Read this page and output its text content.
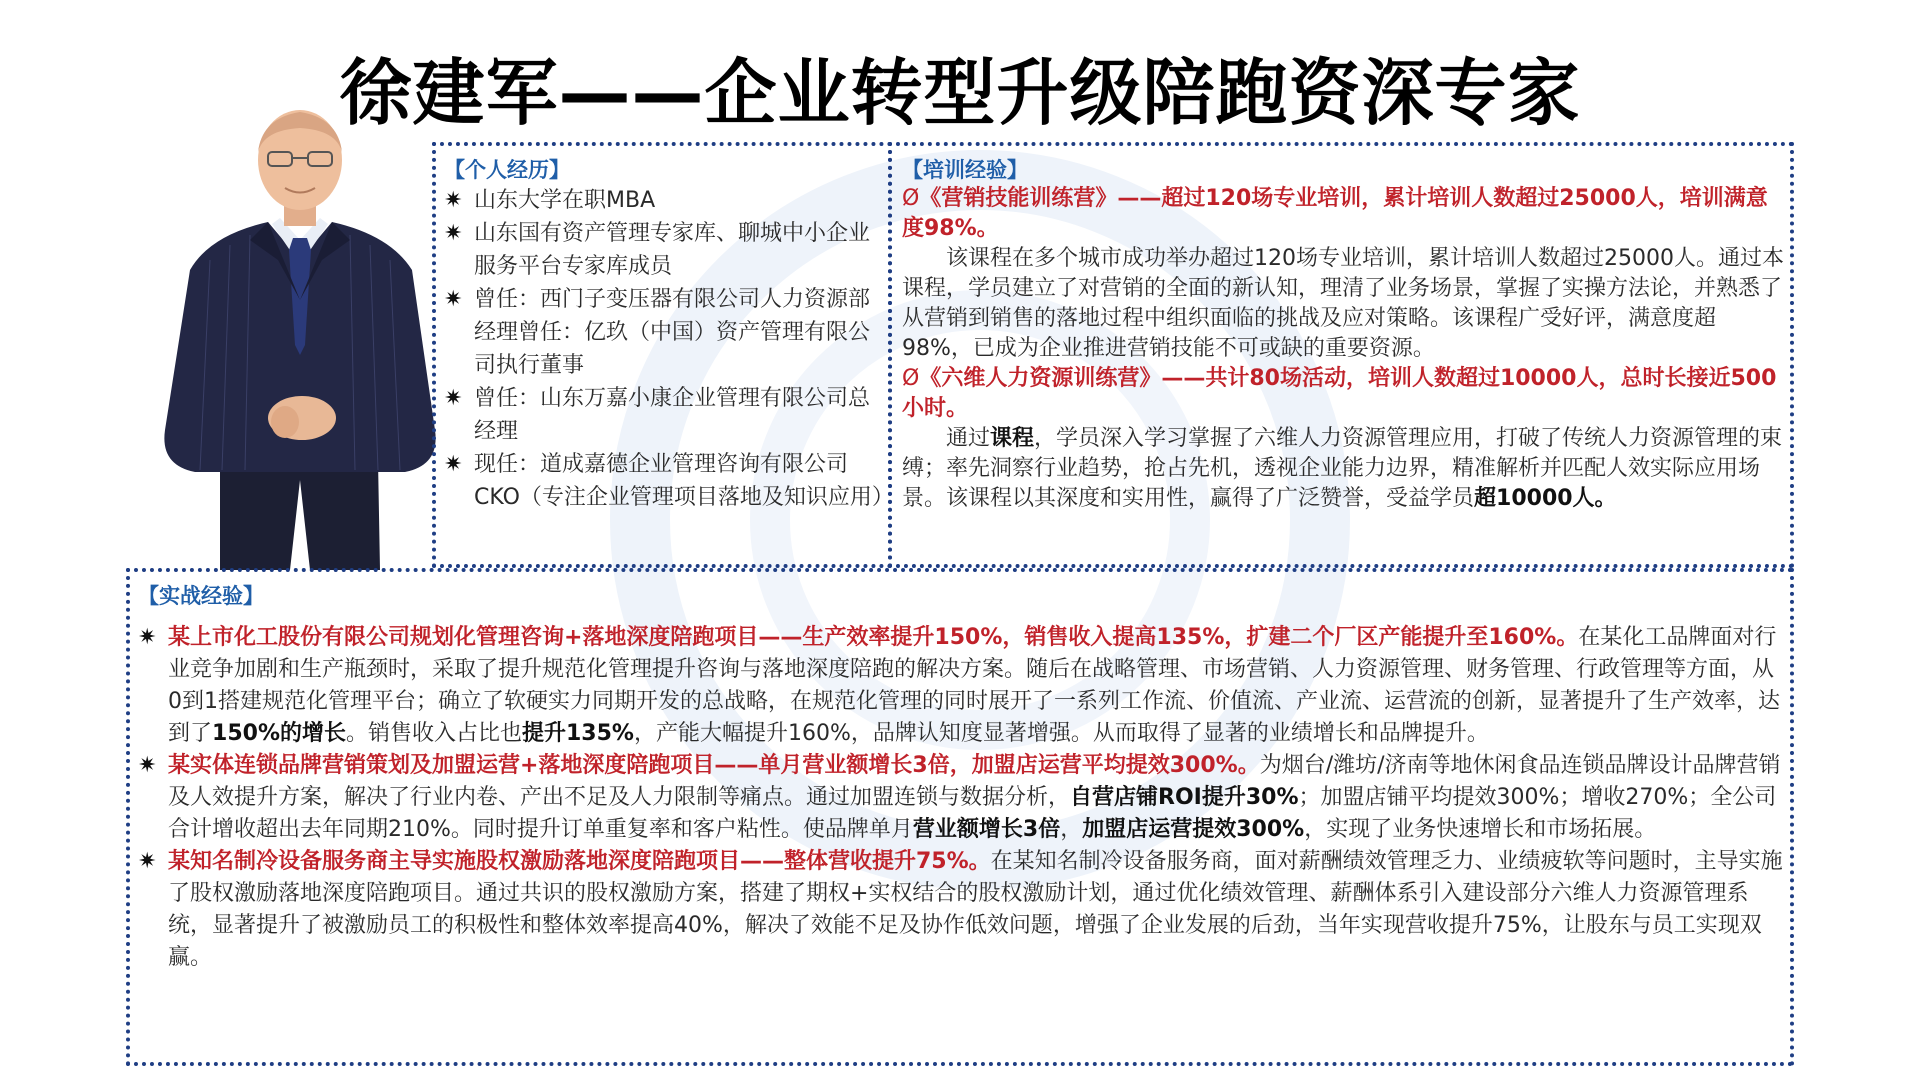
徐建军——企业转型升级陪跑资深专家
【个人经历】
✷ 山东大学在职MBA
✷ 山东国有资产管理专家库、聊城中小企业服务平台专家库成员
✷ 曾任：西门子变压器有限公司人力资源部经理曾任：亿玖（中国）资产管理有限公司执行董事
✷ 曾任：山东万嘉小康企业管理有限公司总经理
✷ 现任：道成嘉德企业管理咨询有限公司CKO（专注企业管理项目落地及知识应用）
【培训经验】
Ø《营销技能训练营》——超过120场专业培训，累计培训人数超过25000人，培训满意度98%。
该课程在多个城市成功举办超过120场专业培训，累计培训人数超过25000人。通过本课程，学员建立了对营销的全面的新认知，理清了业务场景，掌握了实操方法论，并熟悉了从营销到销售的落地过程中组织面临的挑战及应对策略。该课程广受好评，满意度超98%，已成为企业推进营销技能不可或缺的重要资源。
Ø《六维人力资源训练营》——共计80场活动，培训人数超过10000人，总时长接近500小时。
通过课程，学员深入学习掌握了六维人力资源管理应用，打破了传统人力资源管理的束缚；率先洞察行业趋势，抢占先机，透视企业能力边界，精准解析并匹配人效实际应用场景。该课程以其深度和实用性，赢得了广泛赞誉，受益学员超10000人。
【实战经验】
✷ 某上市化工股份有限公司规划化管理咨询+落地深度陪跑项目——生产效率提升150%，销售收入提高135%，扩建二个厂区产能提升至160%。在某化工品牌面对行业竞争加剧和生产瓶颈时，采取了提升规范化管理提升咨询与落地深度陪跑的解决方案。随后在战略管理、市场营销、人力资源管理、财务管理、行政管理等方面，从0到1搭建规范化管理平台；确立了软硬实力同期开发的总战略，在规范化管理的同时展开了一系列工作流、价值流、产业流、运营流的创新，显著提升了生产效率，达到了150%的增长。销售收入占比也提升135%，产能大幅提升160%，品牌认知度显著增强。从而取得了显著的业绩增长和品牌提升。
✷ 某实体连锁品牌营销策划及加盟运营+落地深度陪跑项目——单月营业额增长3倍，加盟店运营平均提效300%。为烟台/潍坊/济南等地休闲食品连锁品牌设计品牌营销及人效提升方案，解决了行业内卷、产出不足及人力限制等痛点。通过加盟连锁与数据分析，自营店铺ROI提升30%；加盟店铺平均提效300%；增收270%；全公司合计增收超出去年同期210%。同时提升订单重复率和客户粘性。使品牌单月营业额增长3倍，加盟店运营提效300%，实现了业务快速增长和市场拓展。
✷ 某知名制冷设备服务商主导实施股权激励落地深度陪跑项目——整体营收提升75%。在某知名制冷设备服务商，面对薪酬绩效管理乏力、业绩疲软等问题时，主导实施了股权激励落地深度陪跑项目。通过共识的股权激励方案，搭建了期权+实权结合的股权激励计划，通过优化绩效管理、薪酬体系引入建设部分六维人力资源管理系统，显著提升了被激励员工的积极性和整体效率提高40%，解决了效能不足及协作低效问题，增强了企业发展的后劲，当年实现营收提升75%，让股东与员工实现双赢。
